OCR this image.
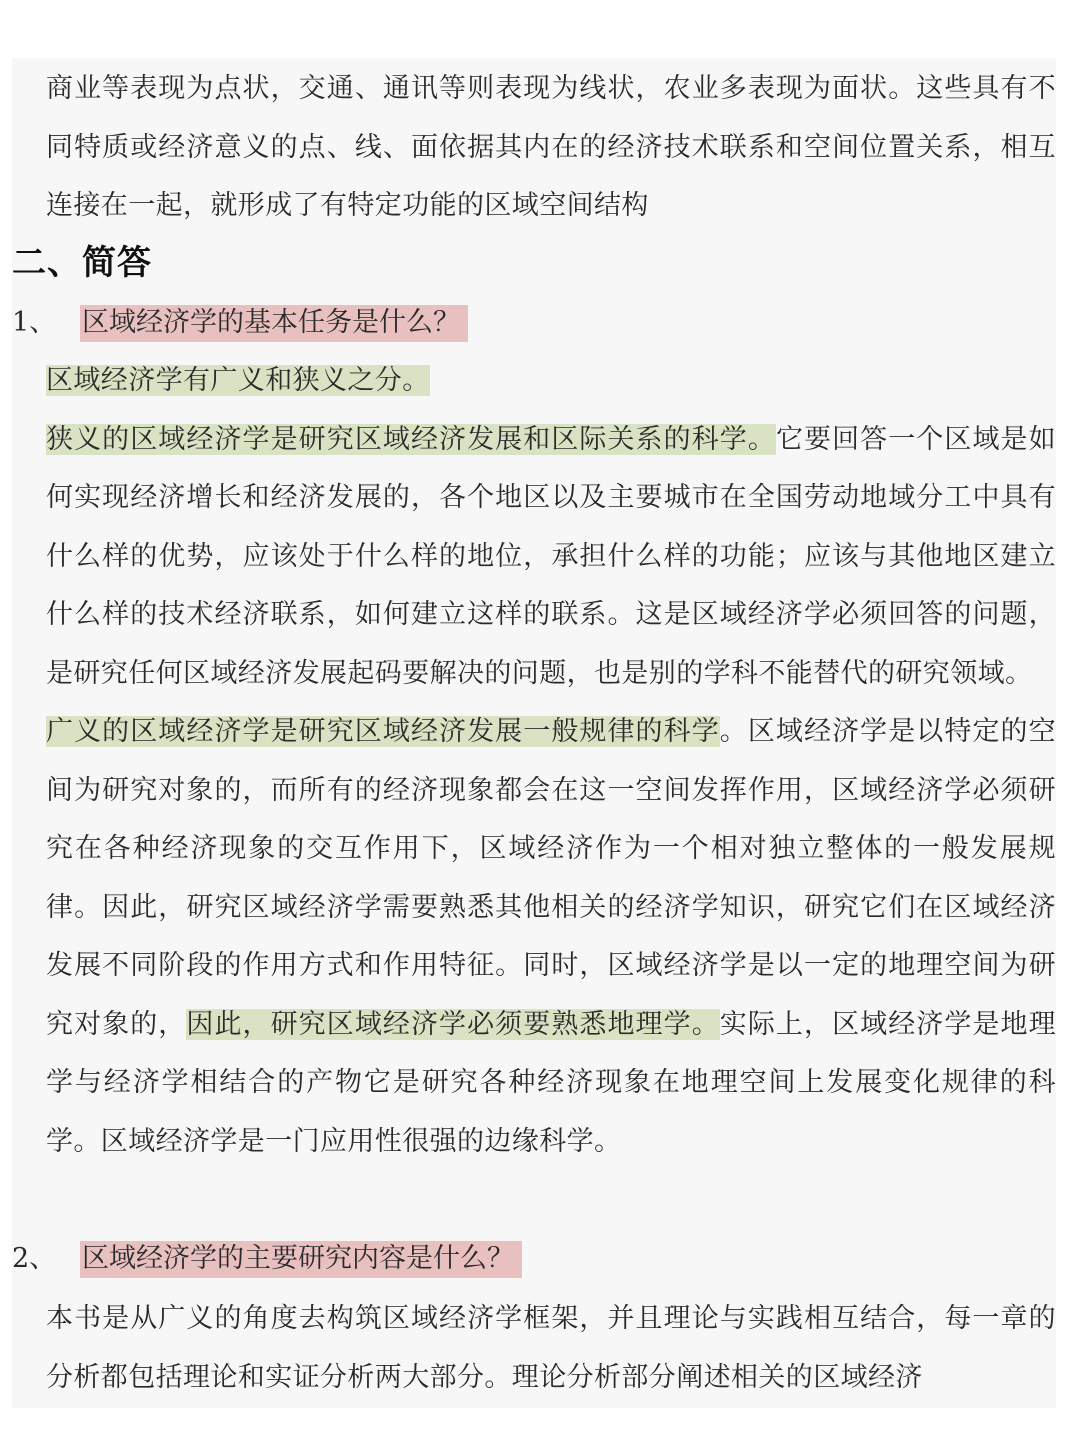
商业等表现为点状，交通、通讯等则表现为线状，农业多表现为面状。这些具有不同特质或经济意义的点、线、面依据其内在的经济技术联系和空间位置关系，相互连接在一起，就形成了有特定功能的区域空间结构
二、简答
1、 区域经济学的基本任务是什么？
区域经济学有广义和狭义之分。
狭义的区域经济学是研究区域经济发展和区际关系的科学。它要回答一个区域是如何实现经济增长和经济发展的，各个地区以及主要城市在全国劳动地域分工中具有什么样的优势，应该处于什么样的地位，承担什么样的功能；应该与其他地区建立什么样的技术经济联系，如何建立这样的联系。这是区域经济学必须回答的问题，是研究任何区域经济发展起码要解决的问题，也是别的学科不能替代的研究领域。
广义的区域经济学是研究区域经济发展一般规律的科学。区域经济学是以特定的空间为研究对象的，而所有的经济现象都会在这一空间发挥作用，区域经济学必须研究在各种经济现象的交互作用下，区域经济作为一个相对独立整体的一般发展规律。因此，研究区域经济学需要熟悉其他相关的经济学知识，研究它们在区域经济发展不同阶段的作用方式和作用特征。同时，区域经济学是以一定的地理空间为研究对象的，因此，研究区域经济学必须要熟悉地理学。实际上，区域经济学是地理学与经济学相结合的产物它是研究各种经济现象在地理空间上发展变化规律的科学。区域经济学是一门应用性很强的边缘科学。
2、 区域经济学的主要研究内容是什么？
本书是从广义的角度去构筑区域经济学框架，并且理论与实践相互结合，每一章的分析都包括理论和实证分析两大部分。理论分析部分阐述相关的区域经济
